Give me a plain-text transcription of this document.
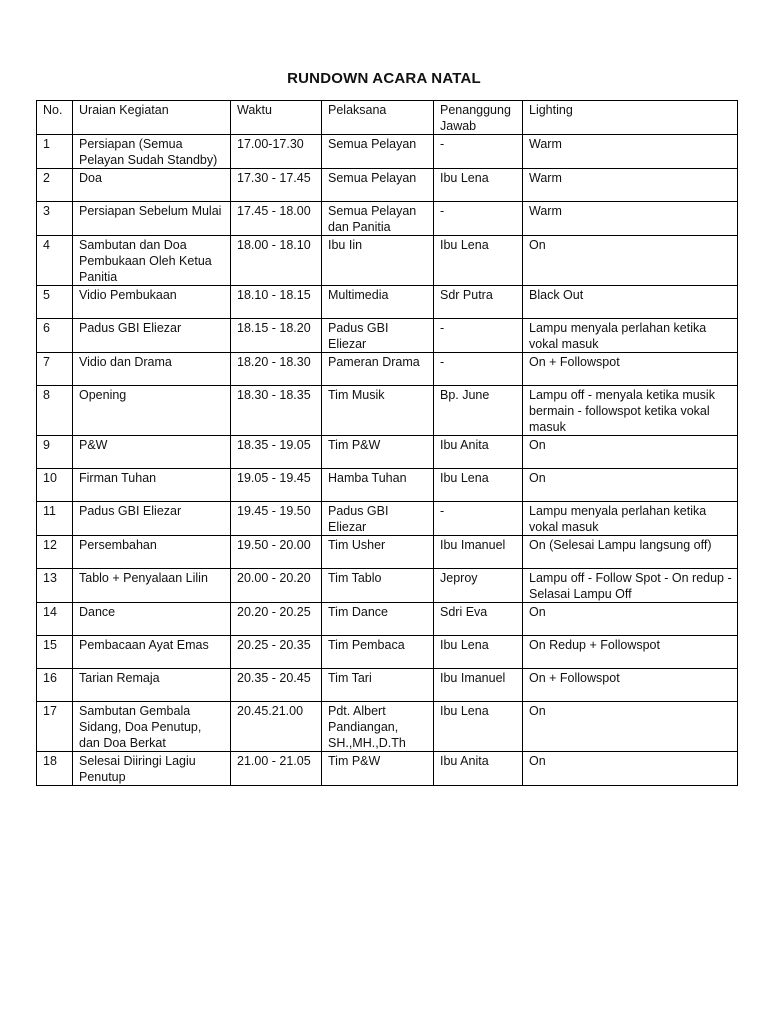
RUNDOWN ACARA NATAL
No.	Uraian Kegiatan	Waktu	Pelaksana	Penanggung Jawab	Lighting
1	Persiapan (Semua Pelayan Sudah Standby)	17.00-17.30	Semua Pelayan	-	Warm
2	Doa	17.30 - 17.45	Semua Pelayan	Ibu Lena	Warm
3	Persiapan Sebelum Mulai	17.45 - 18.00	Semua Pelayan dan Panitia	-	Warm
4	Sambutan dan Doa Pembukaan Oleh Ketua Panitia	18.00 - 18.10	Ibu Iin	Ibu Lena	On
5	Vidio Pembukaan	18.10 - 18.15	Multimedia	Sdr Putra	Black Out
6	Padus GBI Eliezar	18.15 - 18.20	Padus GBI Eliezar	-	Lampu menyala perlahan ketika vokal masuk
7	Vidio dan Drama	18.20 - 18.30	Pameran Drama	-	On + Followspot
8	Opening	18.30 - 18.35	Tim Musik	Bp. June	Lampu off - menyala ketika musik bermain - followspot ketika vokal masuk
9	P&W	18.35 - 19.05	Tim P&W	Ibu Anita	On
10	Firman Tuhan	19.05 - 19.45	Hamba Tuhan	Ibu Lena	On
11	Padus GBI Eliezar	19.45 - 19.50	Padus GBI Eliezar	-	Lampu menyala perlahan ketika vokal masuk
12	Persembahan	19.50 - 20.00	Tim Usher	Ibu Imanuel	On (Selesai Lampu langsung off)
13	Tablo + Penyalaan Lilin	20.00 - 20.20	Tim Tablo	Jeproy	Lampu off - Follow Spot - On redup - Selasai Lampu Off
14	Dance	20.20 - 20.25	Tim Dance	Sdri Eva	On
15	Pembacaan Ayat Emas	20.25 - 20.35	Tim Pembaca	Ibu Lena	On Redup + Followspot
16	Tarian Remaja	20.35 - 20.45	Tim Tari	Ibu Imanuel	On + Followspot
17	Sambutan Gembala Sidang, Doa Penutup, dan Doa Berkat	20.45.21.00	Pdt. Albert Pandiangan, SH.,MH.,D.Th	Ibu Lena	On
18	Selesai Diiringi Lagiu Penutup	21.00 - 21.05	Tim P&W	Ibu Anita	On
